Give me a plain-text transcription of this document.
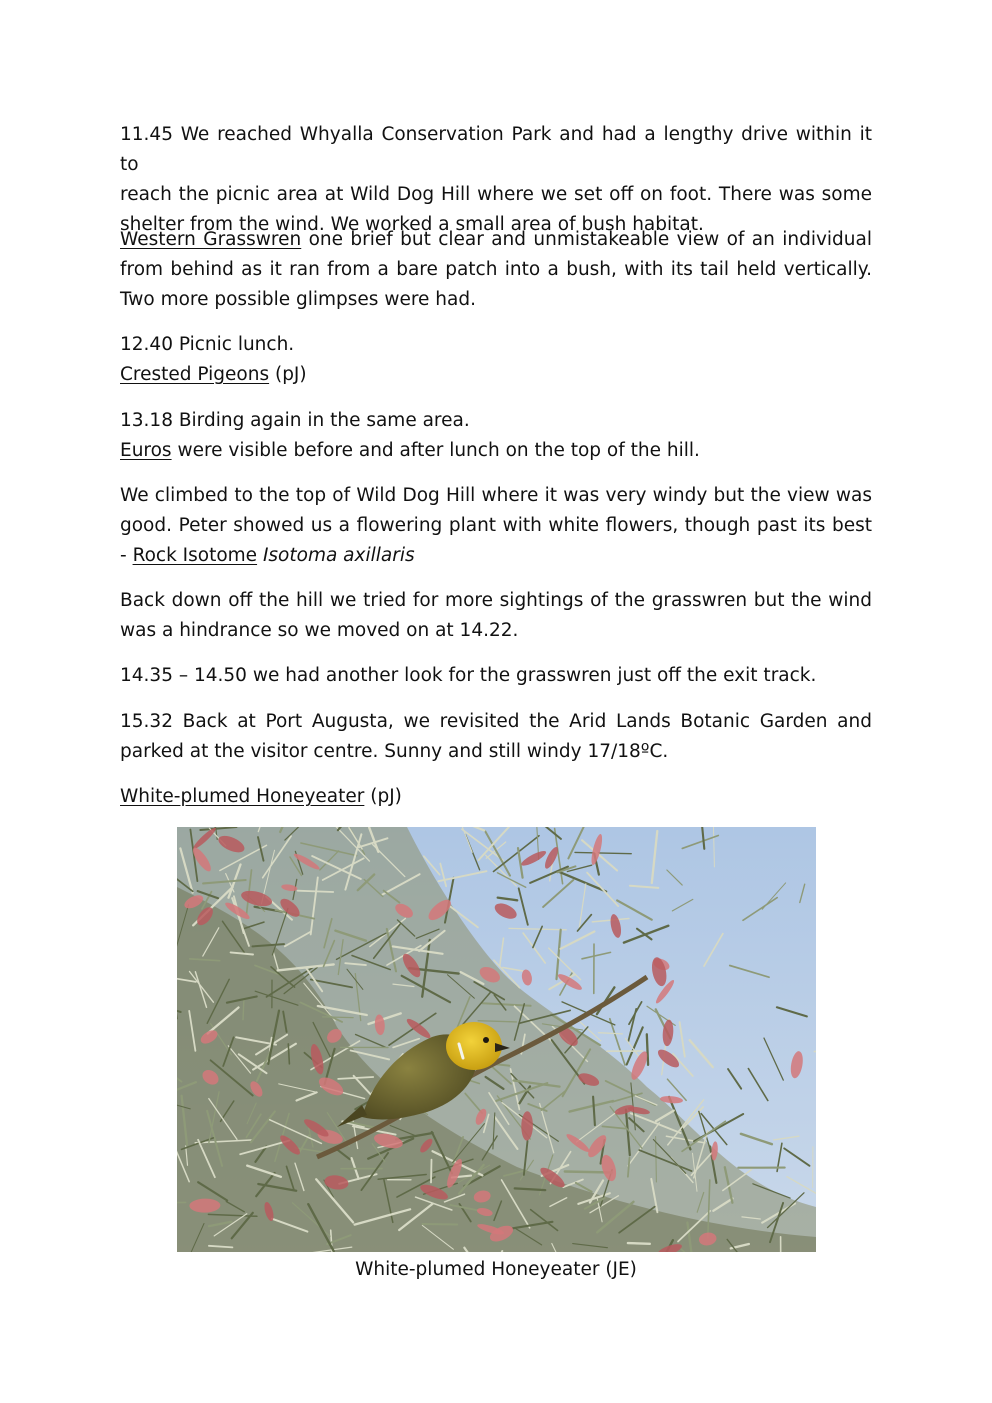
11.45 We reached Whyalla Conservation Park and had a lengthy drive within it to
reach the picnic area at Wild Dog Hill where we set off on foot. There was some
shelter from the wind. We worked a small area of bush habitat.
Western Grasswren one brief but clear and unmistakeable view of an individual
from behind as it ran from a bare patch into a bush, with its tail held vertically.
Two more possible glimpses were had.
12.40 Picnic lunch.
Crested Pigeons (pJ)
13.18 Birding again in the same area.
Euros were visible before and after lunch on the top of the hill.
We climbed to the top of Wild Dog Hill where it was very windy but the view was
good. Peter showed us a flowering plant with white flowers, though past its best
- Rock Isotome Isotoma axillaris
Back down off the hill we tried for more sightings of the grasswren but the wind
was a hindrance so we moved on at 14.22.
14.35 – 14.50 we had another look for the grasswren just off the exit track.
15.32 Back at Port Augusta, we revisited the Arid Lands Botanic Garden and
parked at the visitor centre. Sunny and still windy 17/18ºC.
White-plumed Honeyeater (pJ)

White-plumed Honeyeater (JE)
